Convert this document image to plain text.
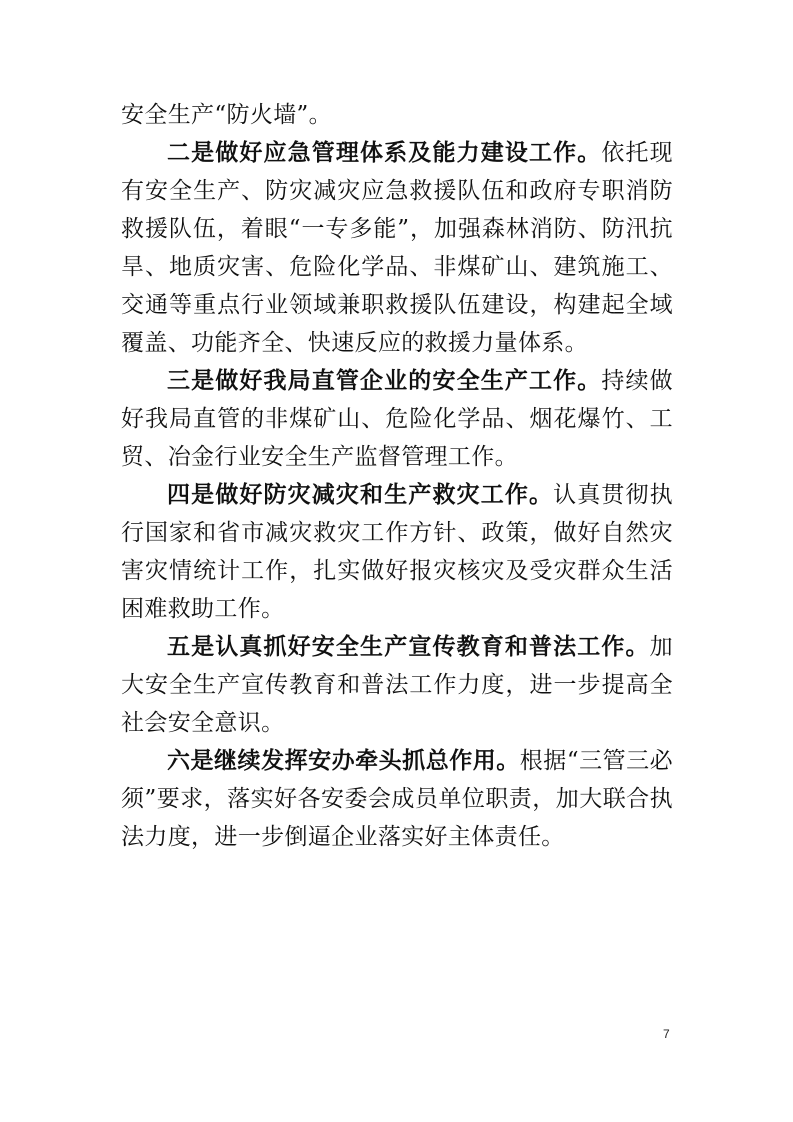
安全生产“防火墙”。

二是做好应急管理体系及能力建设工作。依托现有安全生产、防灾减灾应急救援队伍和政府专职消防救援队伍，着眼“一专多能”，加强森林消防、防汛抗旱、地质灾害、危险化学品、非煤矿山、建筑施工、交通等重点行业领域兼职救援队伍建设，构建起全域覆盖、功能齐全、快速反应的救援力量体系。

三是做好我局直管企业的安全生产工作。持续做好我局直管的非煤矿山、危险化学品、烟花爆竹、工贸、冶金行业安全生产监督管理工作。

四是做好防灾减灾和生产救灾工作。认真贯彻执行国家和省市减灾救灾工作方针、政策，做好自然灾害灾情统计工作，扎实做好报灾核灾及受灾群众生活困难救助工作。

五是认真抓好安全生产宣传教育和普法工作。加大安全生产宣传教育和普法工作力度，进一步提高全社会安全意识。

六是继续发挥安办牵头抓总作用。根据“三管三必须”要求，落实好各安委会成员单位职责，加大联合执法力度，进一步倒逼企业落实好主体责任。

7
